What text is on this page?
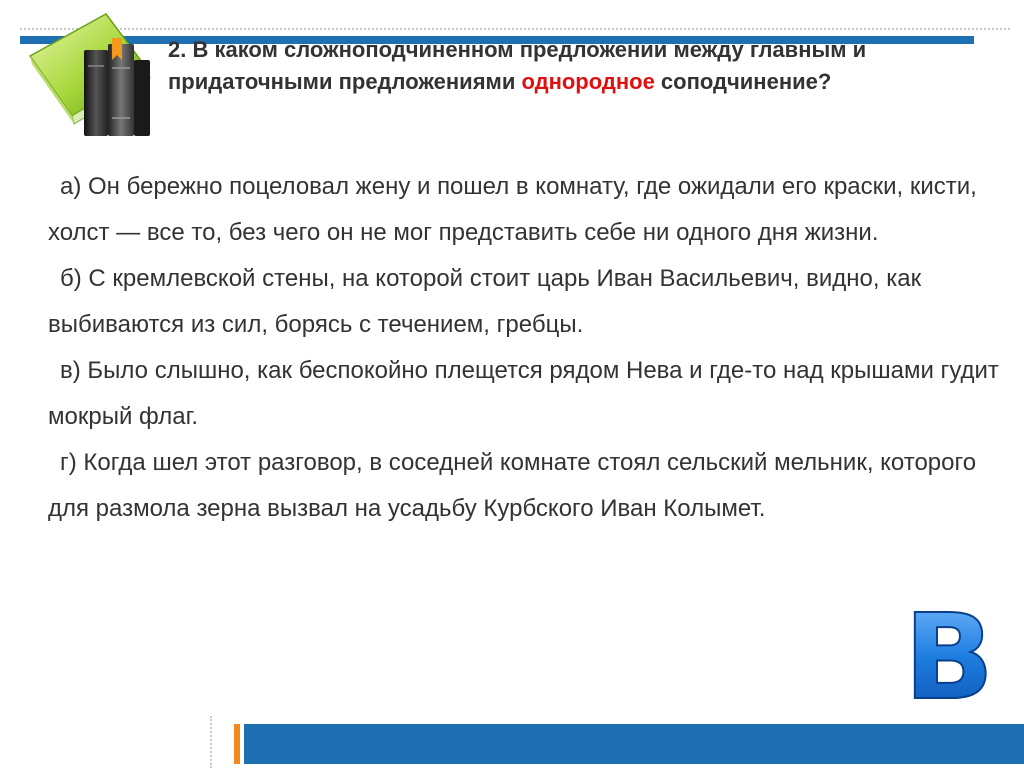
2. В каком сложноподчиненном предложении между главным и придаточными предложениями однородное соподчинение?

а) Он бережно поцеловал жену и пошел в комнату, где ожидали его краски, кисти, холст — все то, без чего он не мог представить себе ни одного дня жизни.

б) С кремлевской стены, на которой стоит царь Иван Васильевич, видно, как выбиваются из сил, борясь с течением, гребцы.

в) Было слышно, как беспокойно плещется рядом Нева и где-то над крышами гудит мокрый флаг.

г) Когда шел этот разговор, в соседней комнате стоял сельский мельник, которого для размола зерна вызвал на усадьбу Курбского Иван Колымет.

В
